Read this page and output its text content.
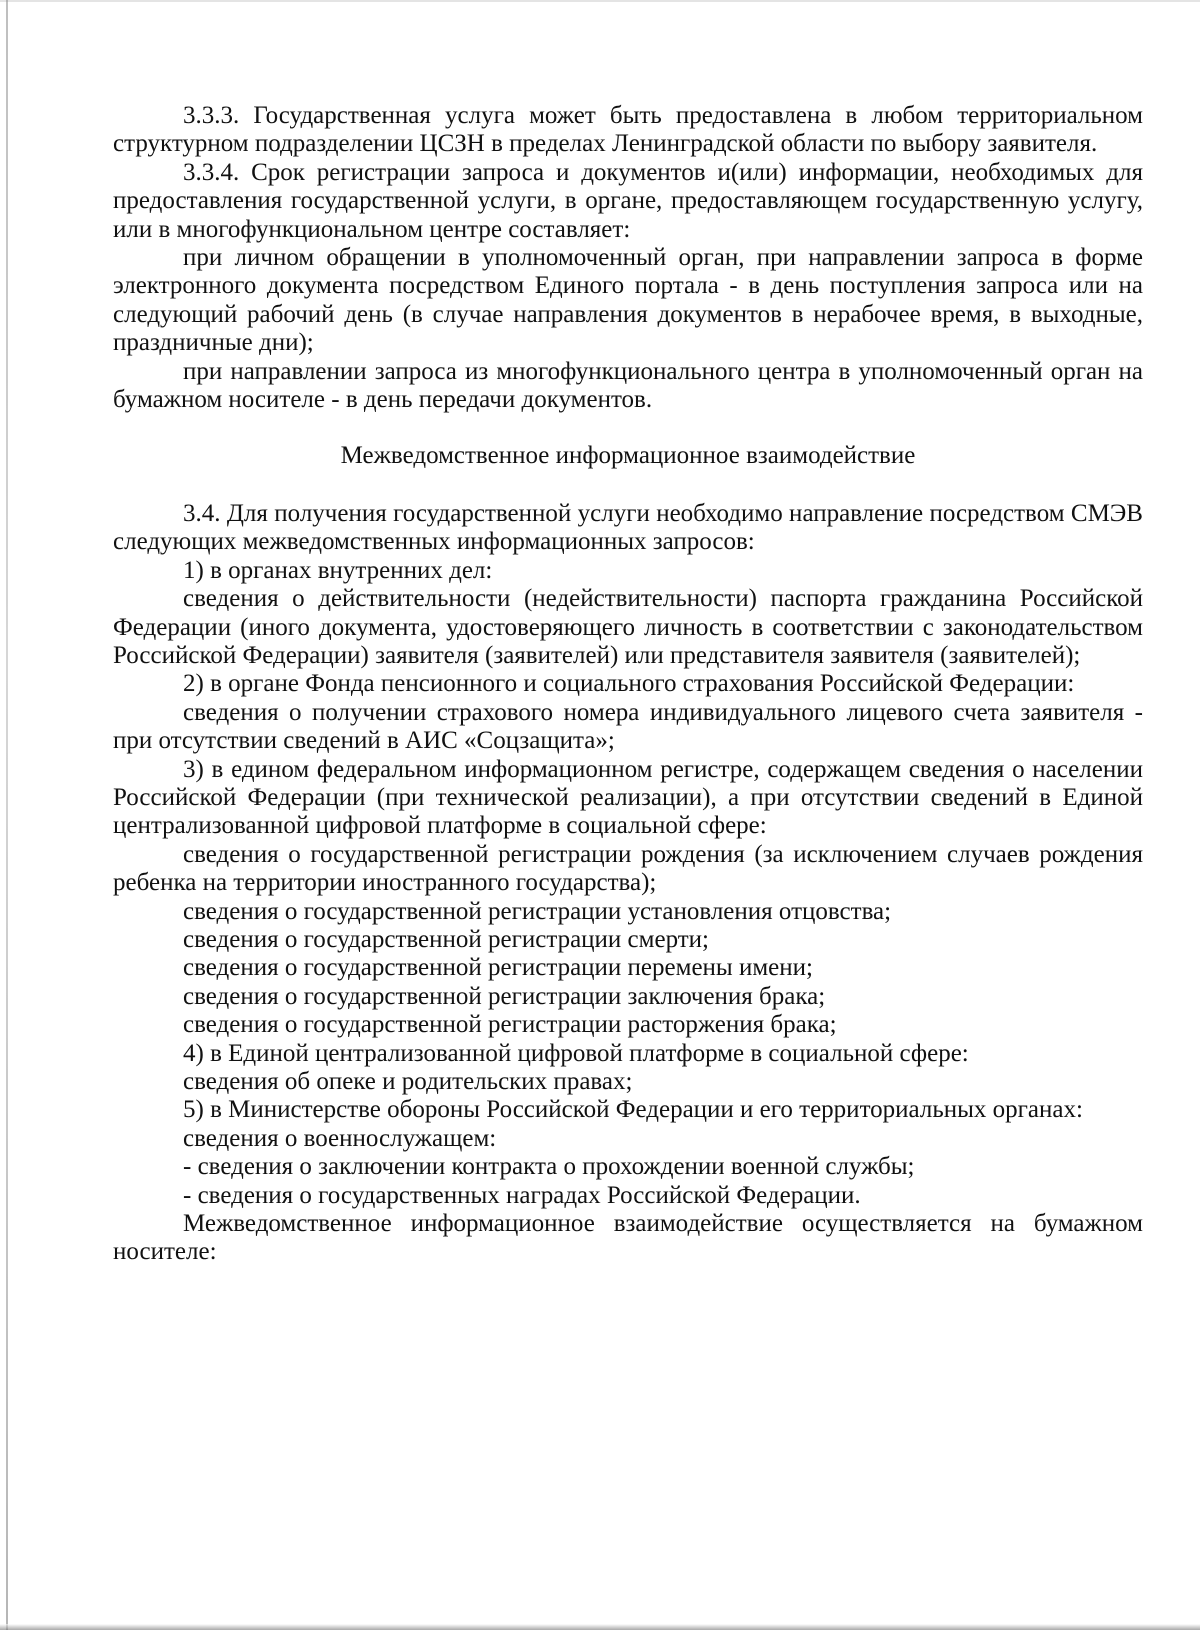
3.3.3. Государственная услуга может быть предоставлена в любом территориальном структурном подразделении ЦСЗН в пределах Ленинградской области по выбору заявителя.

3.3.4. Срок регистрации запроса и документов и(или) информации, необходимых для предоставления государственной услуги, в органе, предоставляющем государственную услугу, или в многофункциональном центре составляет:

при личном обращении в уполномоченный орган, при направлении запроса в форме электронного документа посредством Единого портала - в день поступления запроса или на следующий рабочий день (в случае направления документов в нерабочее время, в выходные, праздничные дни);

при направлении запроса из многофункционального центра в уполномоченный орган на бумажном носителе - в день передачи документов.

Межведомственное информационное взаимодействие

3.4. Для получения государственной услуги необходимо направление посредством СМЭВ следующих межведомственных информационных запросов:

1) в органах внутренних дел:

сведения о действительности (недействительности) паспорта гражданина Российской Федерации (иного документа, удостоверяющего личность в соответствии с законодательством Российской Федерации) заявителя (заявителей) или представителя заявителя (заявителей);

2) в органе Фонда пенсионного и социального страхования Российской Федерации:

сведения о получении страхового номера индивидуального лицевого счета заявителя - при отсутствии сведений в АИС «Соцзащита»;

3) в едином федеральном информационном регистре, содержащем сведения о населении Российской Федерации (при технической реализации), а при отсутствии сведений в Единой централизованной цифровой платформе в социальной сфере:

сведения о государственной регистрации рождения (за исключением случаев рождения ребенка на территории иностранного государства);

сведения о государственной регистрации установления отцовства;

сведения о государственной регистрации смерти;

сведения о государственной регистрации перемены имени;

сведения о государственной регистрации заключения брака;

сведения о государственной регистрации расторжения брака;

4) в Единой централизованной цифровой платформе в социальной сфере:

сведения об опеке и родительских правах;

5) в Министерстве обороны Российской Федерации и его территориальных органах:

сведения о военнослужащем:

- сведения о заключении контракта о прохождении военной службы;

- сведения о государственных наградах Российской Федерации.

Межведомственное информационное взаимодействие осуществляется на бумажном носителе:
